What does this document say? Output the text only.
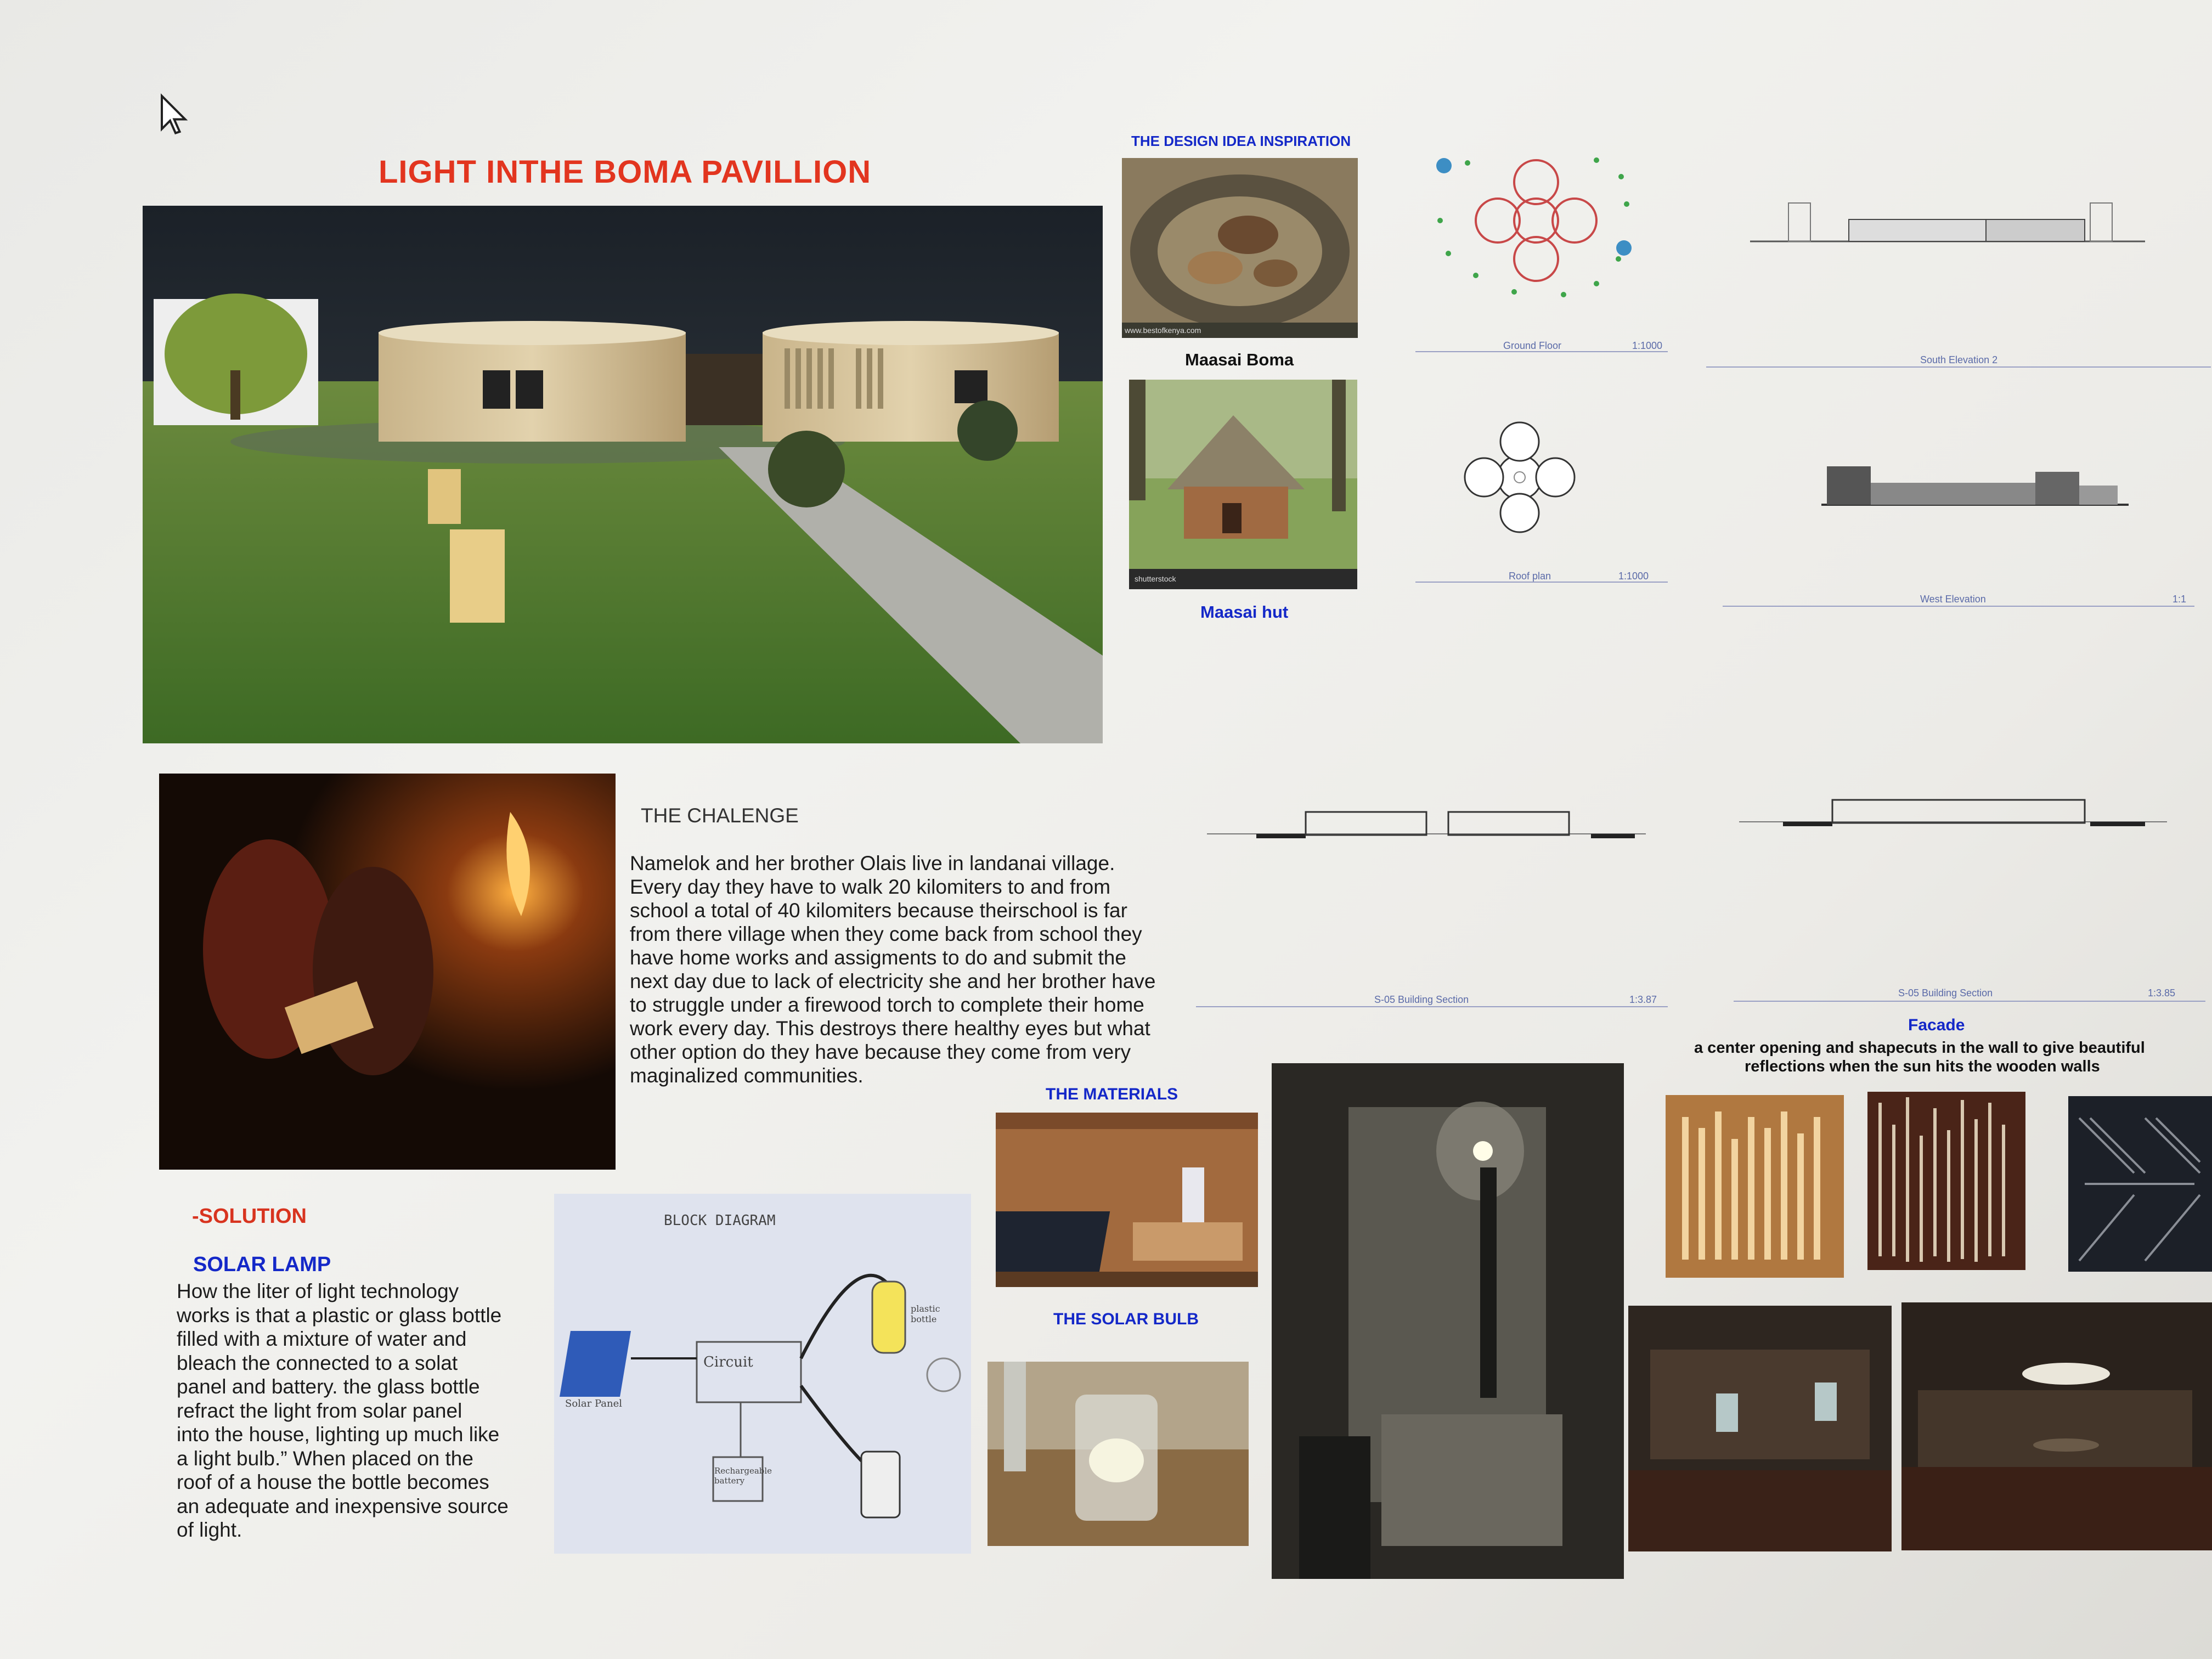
LIGHT INTHE BOMA PAVILLION
THE DESIGN IDEA INSPIRATION
www.bestofkenya.com
Maasai Boma
shutterstock
Maasai hut
Ground Floor	1:1000
Roof plan	1:1000
South Elevation 2
West Elevation	1:1
S-05 Building Section	1:3.87
S-05 Building Section	1:3.85
THE CHALENGE
Namelok and her brother Olais live in landanai village.
Every day they have to walk 20 kilomiters to and from
school a total of 40 kilomiters because theirschool is far
from there village when they come back from school they
have home works and assigments to do and submit the
next day due to lack of electricity she and her brother have
to struggle under a firewood torch to complete their home
work every day. This destroys there healthy eyes but what
other option do they have because they come from very
maginalized communities.
-SOLUTION
SOLAR LAMP
How the liter of light technology
works is that a plastic or glass bottle
filled with a mixture of water and
bleach the connected to a solat
panel and battery. the glass bottle
refract the light from solar panel
into the house, lighting up much like
a light bulb.” When placed on the
roof of a house the bottle becomes
an adequate and inexpensive source
of light.
BLOCK DIAGRAM
Circuit
Solar Panel
plastic bottle
Rechargeable battery
THE MATERIALS
THE SOLAR BULB
Facade
a center opening and shapecuts in the wall to give beautiful
reflections when the sun hits the wooden walls
